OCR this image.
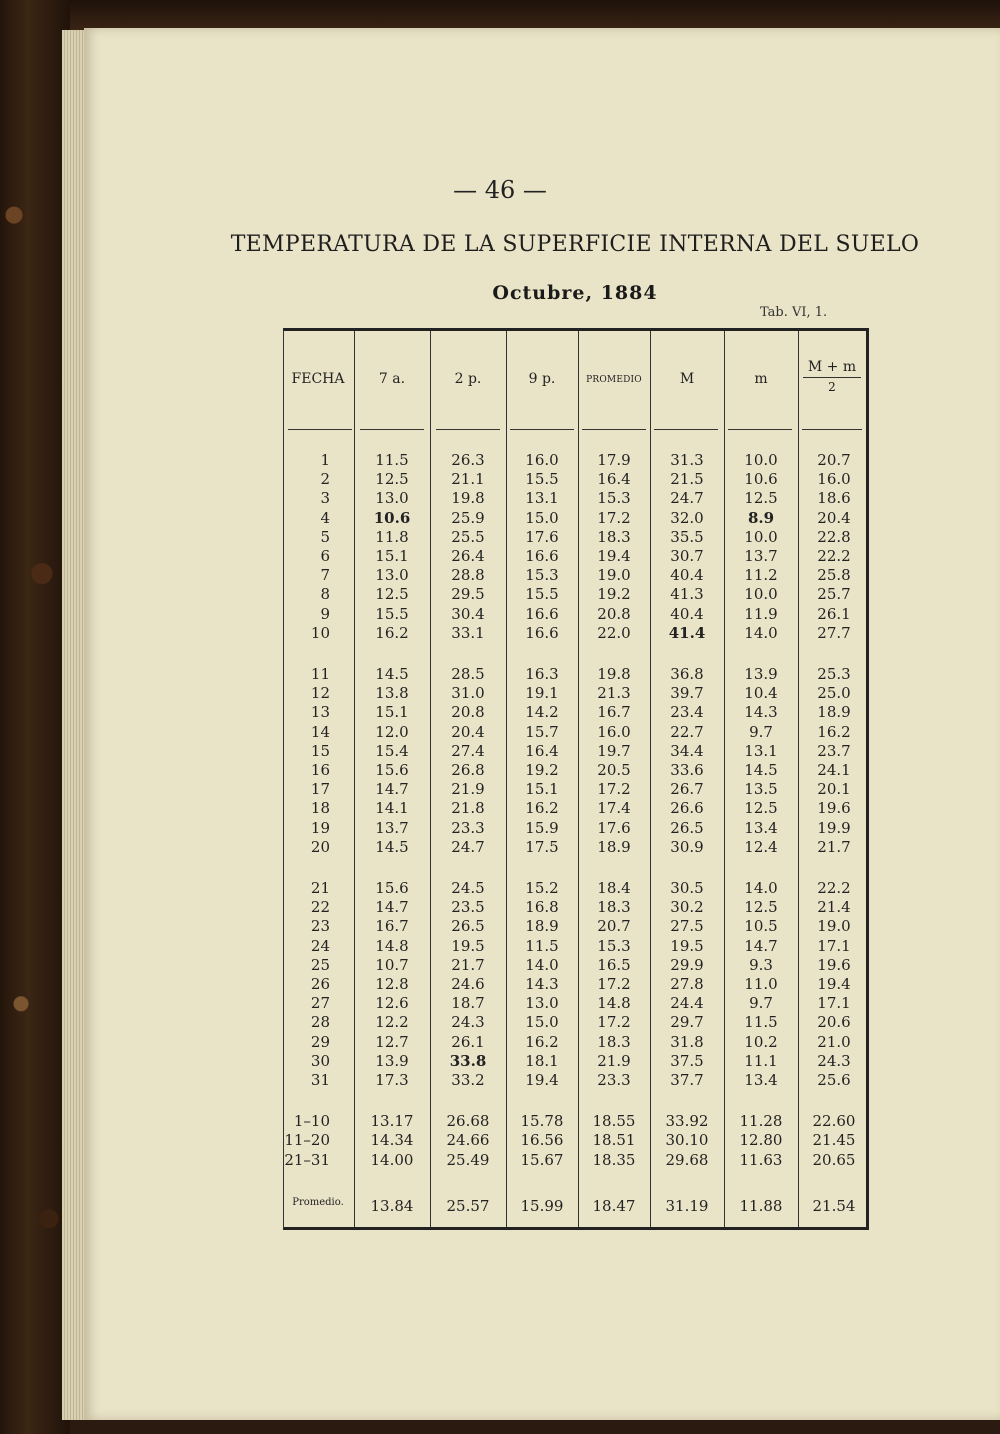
— 46 —
TEMPERATURA DE LA SUPERFICIE INTERNA DEL SUELO
Octubre, 1884
Tab. VI, 1.
FECHA	7 a.	2 p.	9 p.	PROMEDIO	M	m	$\frac{M + m}{2}$
1	11.5	26.3	16.0	17.9	31.3	10.0	20.7
2	12.5	21.1	15.5	16.4	21.5	10.6	16.0
3	13.0	19.8	13.1	15.3	24.7	12.5	18.6
4	10.6	25.9	15.0	17.2	32.0	8.9	20.4
5	11.8	25.5	17.6	18.3	35.5	10.0	22.8
6	15.1	26.4	16.6	19.4	30.7	13.7	22.2
7	13.0	28.8	15.3	19.0	40.4	11.2	25.8
8	12.5	29.5	15.5	19.2	41.3	10.0	25.7
9	15.5	30.4	16.6	20.8	40.4	11.9	26.1
10	16.2	33.1	16.6	22.0	41.4	14.0	27.7
11	14.5	28.5	16.3	19.8	36.8	13.9	25.3
12	13.8	31.0	19.1	21.3	39.7	10.4	25.0
13	15.1	20.8	14.2	16.7	23.4	14.3	18.9
14	12.0	20.4	15.7	16.0	22.7	9.7	16.2
15	15.4	27.4	16.4	19.7	34.4	13.1	23.7
16	15.6	26.8	19.2	20.5	33.6	14.5	24.1
17	14.7	21.9	15.1	17.2	26.7	13.5	20.1
18	14.1	21.8	16.2	17.4	26.6	12.5	19.6
19	13.7	23.3	15.9	17.6	26.5	13.4	19.9
20	14.5	24.7	17.5	18.9	30.9	12.4	21.7
21	15.6	24.5	15.2	18.4	30.5	14.0	22.2
22	14.7	23.5	16.8	18.3	30.2	12.5	21.4
23	16.7	26.5	18.9	20.7	27.5	10.5	19.0
24	14.8	19.5	11.5	15.3	19.5	14.7	17.1
25	10.7	21.7	14.0	16.5	29.9	9.3	19.6
26	12.8	24.6	14.3	17.2	27.8	11.0	19.4
27	12.6	18.7	13.0	14.8	24.4	9.7	17.1
28	12.2	24.3	15.0	17.2	29.7	11.5	20.6
29	12.7	26.1	16.2	18.3	31.8	10.2	21.0
30	13.9	33.8	18.1	21.9	37.5	11.1	24.3
31	17.3	33.2	19.4	23.3	37.7	13.4	25.6
1–10	13.17	26.68	15.78	18.55	33.92	11.28	22.60
11–20	14.34	24.66	16.56	18.51	30.10	12.80	21.45
21–31	14.00	25.49	15.67	18.35	29.68	11.63	20.65
Promedio.	13.84	25.57	15.99	18.47	31.19	11.88	21.54
